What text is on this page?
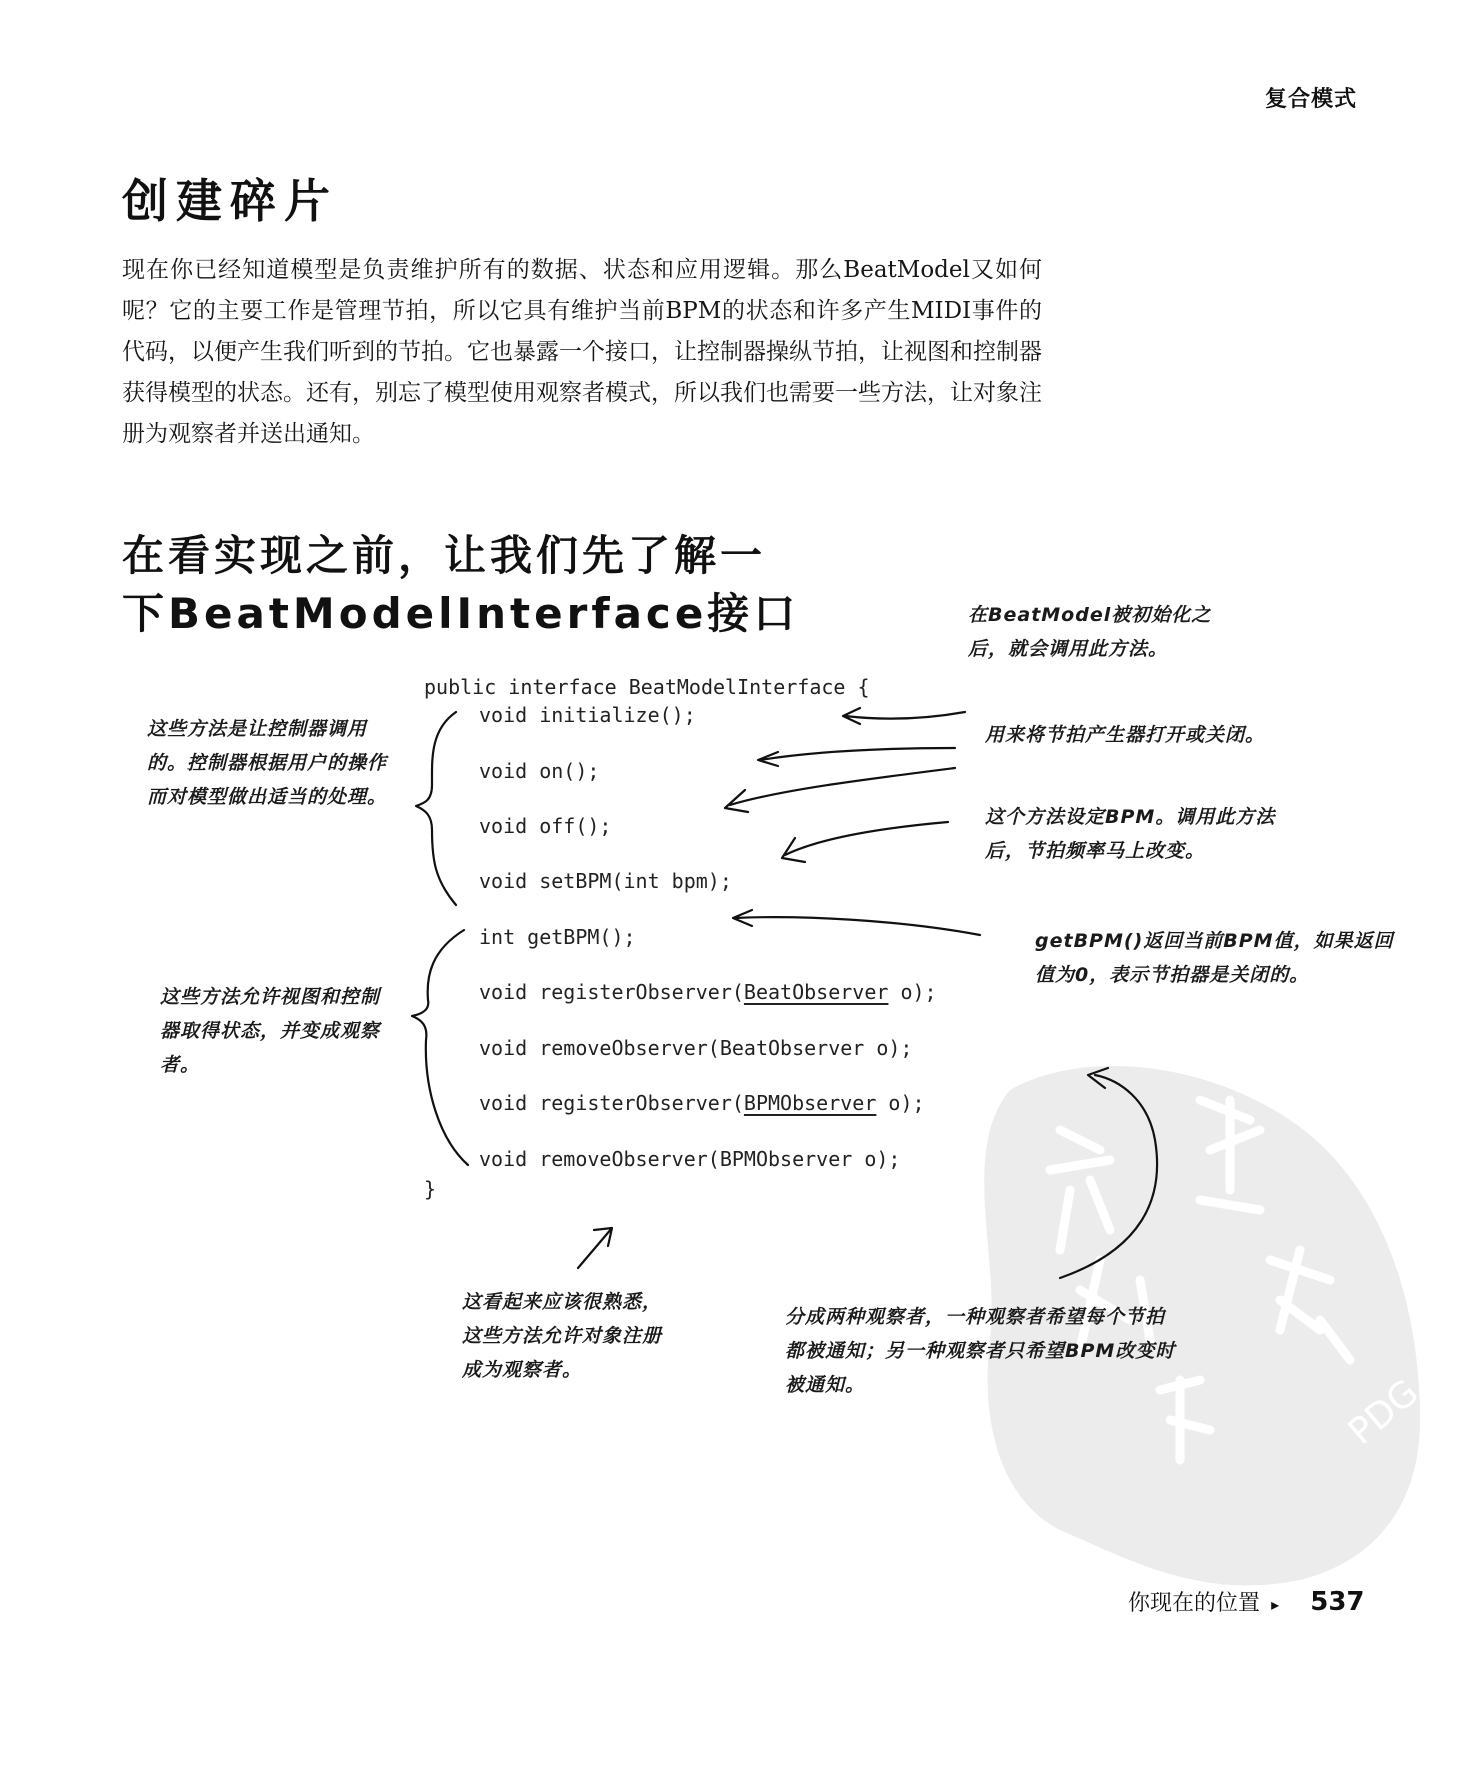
复合模式
创建碎片
现在你已经知道模型是负责维护所有的数据、状态和应用逻辑。那么BeatModel又如何呢？它的主要工作是管理节拍，所以它具有维护当前BPM的状态和许多产生MIDI事件的代码，以便产生我们听到的节拍。它也暴露一个接口，让控制器操纵节拍，让视图和控制器获得模型的状态。还有，别忘了模型使用观察者模式，所以我们也需要一些方法，让对象注册为观察者并送出通知。
在看实现之前，让我们先了解一
下BeatModelInterface接口
PDG
public interface BeatModelInterface {
void initialize();
void on();
void off();
void setBPM(int bpm);
int getBPM();
void registerObserver(BeatObserver o);
void removeObserver(BeatObserver o);
void registerObserver(BPMObserver o);
void removeObserver(BPMObserver o);
}
在BeatModel被初始化之后，就会调用此方法。
用来将节拍产生器打开或关闭。
这个方法设定BPM。调用此方法后，节拍频率马上改变。
getBPM()返回当前BPM值，如果返回值为0，表示节拍器是关闭的。
这些方法是让控制器调用的。控制器根据用户的操作而对模型做出适当的处理。
这些方法允许视图和控制器取得状态，并变成观察者。
这看起来应该很熟悉，这些方法允许对象注册成为观察者。
分成两种观察者，一种观察者希望每个节拍都被通知；另一种观察者只希望BPM改变时被通知。
你现在的位置 ▸ 537
